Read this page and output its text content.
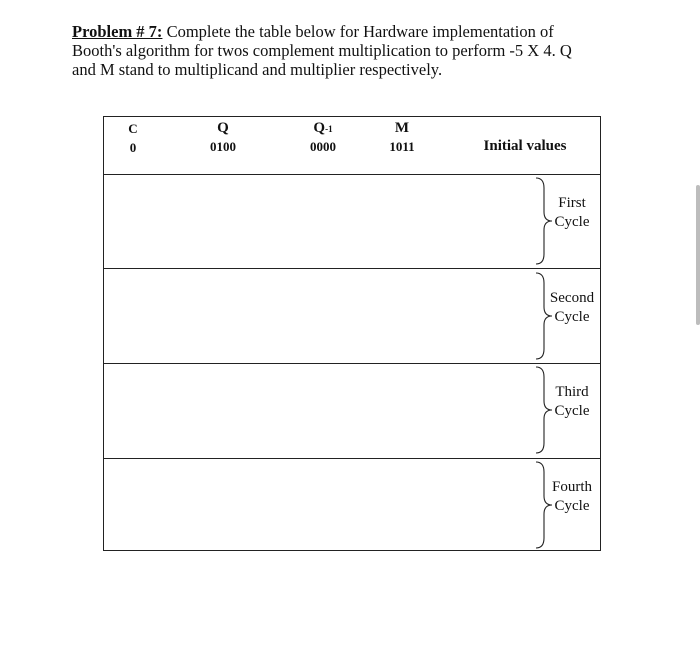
Problem # 7: Complete the table below for Hardware implementation of
Booth's algorithm for twos complement multiplication to perform -5 X 4. Q
and M stand to multiplicand and multiplier respectively.
C	Q	Q-1	M
0	0100	0000	1011	Initial values
First
Cycle
Second
Cycle
Third
Cycle
Fourth
Cycle
